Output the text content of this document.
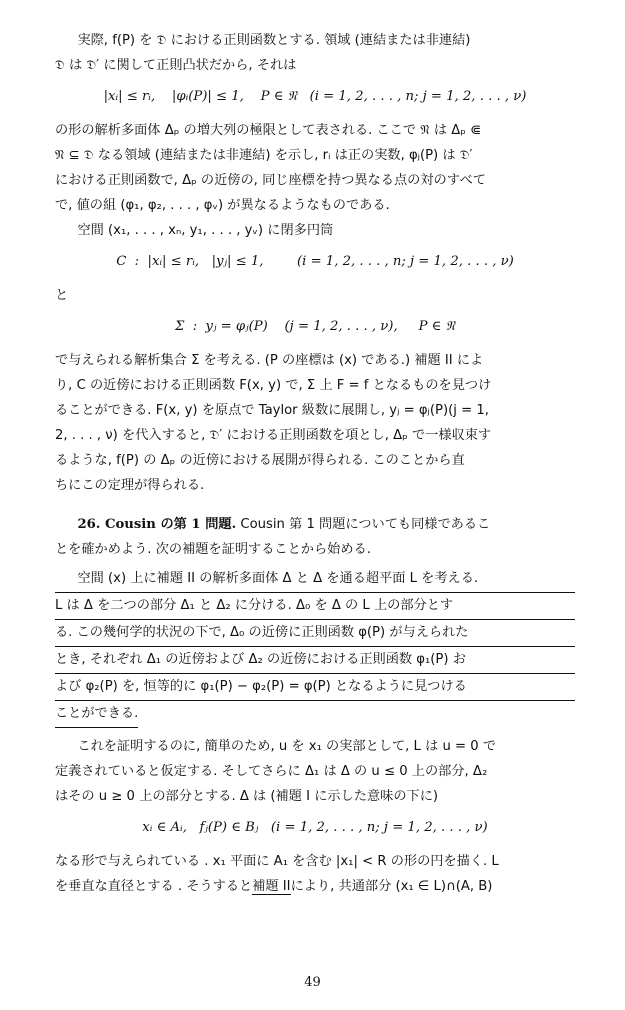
実際, f(P) を 𝔇 における正則函数とする. 領域 (連結または非連結)
𝔇 は 𝔇′ に関して正則凸状だから, それは

|xᵢ| ≤ rᵢ,    |φᵢ(P)| ≤ 1,    P ∈ 𝔑   (i = 1, 2, . . . , n; j = 1, 2, . . . , ν)

の形の解析多面体 Δₚ の増大列の極限として表される. ここで 𝔑 は Δₚ ⋐
𝔑 ⊆ 𝔇 なる領域 (連結または非連結) を示し, rᵢ は正の実数, φⱼ(P) は 𝔇′
における正則函数で, Δₚ の近傍の, 同じ座標を持つ異なる点の対のすべて
で, 値の組 (φ₁, φ₂, . . . , φᵥ) が異なるようなものである.
空間 (x₁, . . . , xₙ, y₁, . . . , yᵥ) に閉多円筒

C  :  |xᵢ| ≤ rᵢ,   |yⱼ| ≤ 1,        (i = 1, 2, . . . , n; j = 1, 2, . . . , ν)

と

Σ  :  yⱼ = φⱼ(P)    (j = 1, 2, . . . , ν),     P ∈ 𝔑

で与えられる解析集合 Σ を考える. (P の座標は (x) である.) 補題 II によ
り, C の近傍における正則函数 F(x, y) で, Σ 上 F = f となるものを見つけ
ることができる. F(x, y) を原点で Taylor 級数に展開し, yⱼ = φⱼ(P)(j = 1,
2, . . . , ν) を代入すると, 𝔇′ における正則函数を項とし, Δₚ で一様収束す
るような, f(P) の Δₚ の近傍における展開が得られる. このことから直
ちにこの定理が得られる.

26. Cousin の第 1 問題. Cousin 第 1 問題についても同様であるこ
とを確かめよう. 次の補題を証明することから始める.

空間 (x) 上に補題 II の解析多面体 Δ と Δ を通る超平面 L を考える.
L は Δ を二つの部分 Δ₁ と Δ₂ に分ける. Δ₀ を Δ の L 上の部分とす
る. この幾何学的状況の下で, Δ₀ の近傍に正則函数 φ(P) が与えられた
とき, それぞれ Δ₁ の近傍および Δ₂ の近傍における正則函数 φ₁(P) お
よび φ₂(P) を, 恒等的に φ₁(P) − φ₂(P) = φ(P) となるように見つける
ことができる.

これを証明するのに, 簡単のため, u を x₁ の実部として, L は u = 0 で
定義されていると仮定する. そしてさらに Δ₁ は Δ の u ≤ 0 上の部分, Δ₂
はその u ≥ 0 上の部分とする. Δ は (補題 I に示した意味の下に)

xᵢ ∈ Aᵢ,   fⱼ(P) ∈ Bⱼ   (i = 1, 2, . . . , n; j = 1, 2, . . . , ν)

なる形で与えられている . x₁ 平面に A₁ を含む |x₁| < R の形の円を描く. L
を垂直な直径とする . そうすると補題 IIにより, 共通部分 (x₁ ∈ L)∩(A, B)

49
